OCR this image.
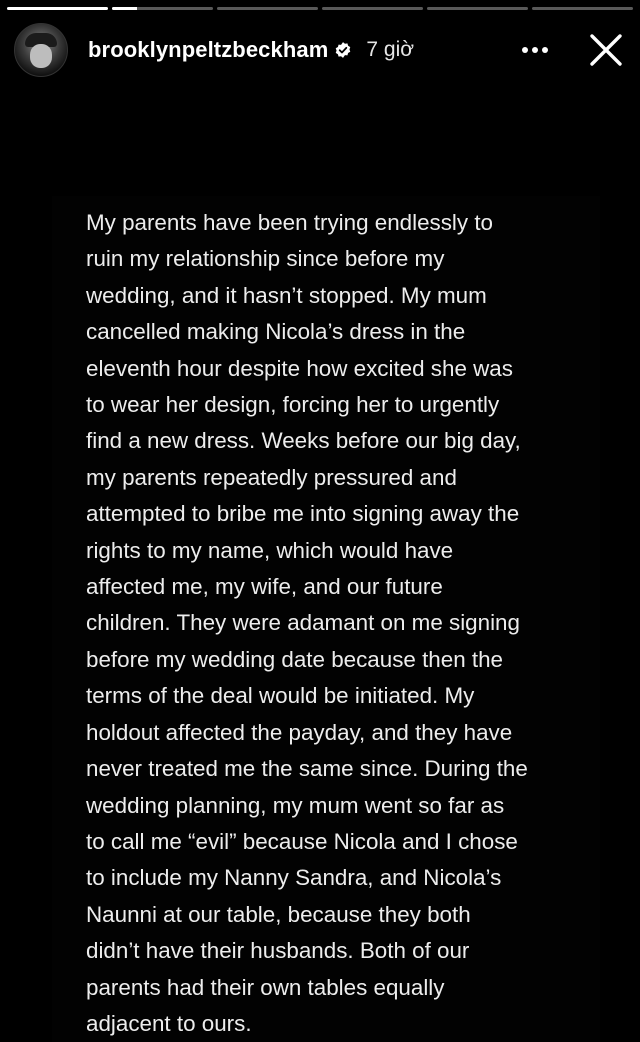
brooklynpeltzbeckham 7 giờ
My parents have been trying endlessly to
ruin my relationship since before my
wedding, and it hasn’t stopped. My mum
cancelled making Nicola’s dress in the
eleventh hour despite how excited she was
to wear her design, forcing her to urgently
find a new dress. Weeks before our big day,
my parents repeatedly pressured and
attempted to bribe me into signing away the
rights to my name, which would have
affected me, my wife, and our future
children. They were adamant on me signing
before my wedding date because then the
terms of the deal would be initiated. My
holdout affected the payday, and they have
never treated me the same since. During the
wedding planning, my mum went so far as
to call me “evil” because Nicola and I chose
to include my Nanny Sandra, and Nicola’s
Naunni at our table, because they both
didn’t have their husbands. Both of our
parents had their own tables equally
adjacent to ours.
